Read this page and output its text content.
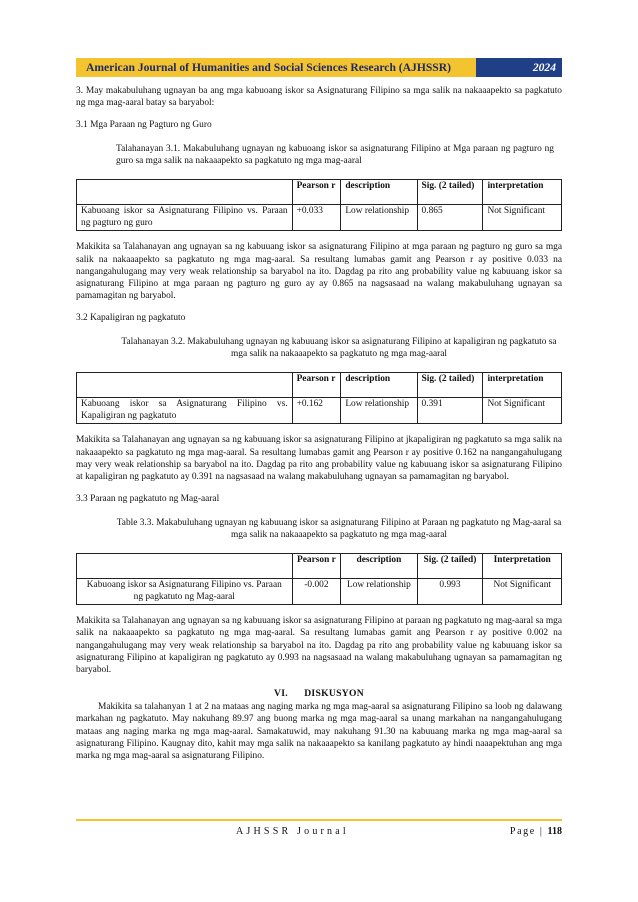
American Journal of Humanities and Social Sciences Research (AJHSSR)	2024

3. May makabuluhang ugnayan ba ang mga kabuoang iskor sa Asignaturang Filipino sa mga salik na nakaaapekto sa pagkatuto ng mga mag-aaral batay sa baryabol:

3.1 Mga Paraan ng Pagturo ng Guro

Talahanayan 3.1. Makabuluhang ugnayan ng kabuoang iskor sa asignaturang Filipino at Mga paraan ng pagturo ng guro sa mga salik na nakaaapekto sa pagkatuto ng mga mag-aaral

	Pearson r	description	Sig. (2 tailed)	interpretation
Kabuoang iskor sa Asignaturang Filipino vs. Paraan ng pagturo ng guro	+0.033	Low relationship	0.865	Not Significant

Makikita sa Talahanayan ang ugnayan sa ng kabuuang iskor sa asignaturang Filipino at mga paraan ng pagturo ng guro sa mga salik na nakaaapekto sa pagkatuto ng mga mag-aaral. Sa resultang lumabas gamit ang Pearson r ay positive 0.033 na nangangahulugang may very weak relationship sa baryabol na ito. Dagdag pa rito ang probability value ng kabuuang iskor sa asignaturang Filipino at mga paraan ng pagturo ng guro ay ay 0.865 na nagsasaad na walang makabuluhang ugnayan sa pamamagitan ng baryabol.

3.2 Kapaligiran ng pagkatuto

Talahanayan 3.2. Makabuluhang ugnayan ng kabuuang iskor sa asignaturang Filipino at kapaligiran ng pagkatuto sa mga salik na nakaaapekto sa pagkatuto ng mga mag-aaral

	Pearson r	description	Sig. (2 tailed)	interpretation
Kabuoang iskor sa Asignaturang Filipino vs. Kapaligiran ng pagkatuto	+0.162	Low relationship	0.391	Not Significant

Makikita sa Talahanayan ang ugnayan sa ng kabuuang iskor sa asignaturang Filipino at jkapaligiran ng pagkatuto sa mga salik na nakaaapekto sa pagkatuto ng mga mag-aaral. Sa resultang lumabas gamit ang Pearson r ay positive 0.162 na nangangahulugang may very weak relationship sa baryabol na ito. Dagdag pa rito ang probability value ng kabuuang iskor sa asignaturang Filipino at kapaligiran ng pagkatuto ay 0.391 na nagsasaad na walang makabuluhang ugnayan sa pamamagitan ng baryabol.

3.3 Paraan ng pagkatuto ng Mag-aaral

Table 3.3. Makabuluhang ugnayan ng kabuuang iskor sa asignaturang Filipino at Paraan ng pagkatuto ng Mag-aaral sa mga salik na nakaaapekto sa pagkatuto ng mga mag-aaral

	Pearson r	description	Sig. (2 tailed)	Interpretation
Kabuoang iskor sa Asignaturang Filipino vs. Paraan ng pagkatuto ng Mag-aaral	-0.002	Low relationship	0.993	Not Significant

Makikita sa Talahanayan ang ugnayan sa ng kabuuang iskor sa asignaturang Filipino at paraan ng pagkatuto ng mag-aaral sa mga salik na nakaaapekto sa pagkatuto ng mga mag-aaral. Sa resultang lumabas gamit ang Pearson r ay positive 0.002 na nangangahulugang may very weak relationship sa baryabol na ito. Dagdag pa rito ang probability value ng kabuuang iskor sa asignaturang Filipino at kapaligiran ng pagkatuto ay 0.993 na nagsasaad na walang makabuluhang ugnayan sa pamamagitan ng baryabol.

VI.      DISKUSYON

Makikita sa talahanyan 1 at 2 na mataas ang naging marka ng mga mag-aaral sa asignaturang Filipino sa loob ng dalawang markahan ng pagkatuto. May nakuhang 89.97 ang buong marka ng mga mag-aaral sa unang markahan na nangangahulugang mataas ang naging marka ng mga mag-aaral. Samakatuwid, may nakuhang 91.30 na kabuuang marka ng mga mag-aaral sa asignaturang Filipino. Kaugnay dito, kahit may mga salik na nakaaapekto sa kanilang pagkatuto ay hindi naaapektuhan ang mga marka ng mga mag-aaral sa asignaturang Filipino.

AJHSSR Journal	Page | 118
